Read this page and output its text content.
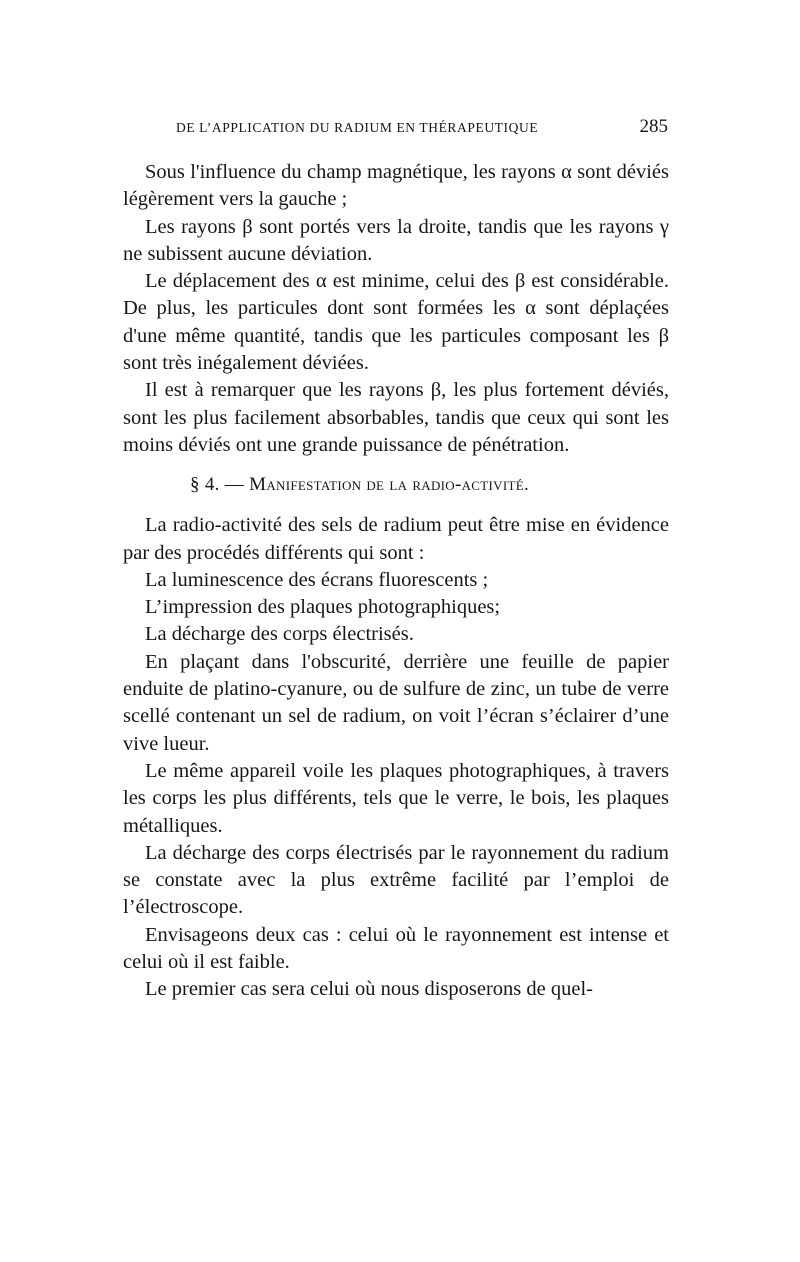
DE L’APPLICATION DU RADIUM EN THÉRAPEUTIQUE	285

Sous l'influence du champ magnétique, les rayons α sont déviés légèrement vers la gauche ;

Les rayons β sont portés vers la droite, tandis que les rayons γ ne subissent aucune déviation.

Le déplacement des α est minime, celui des β est considérable. De plus, les particules dont sont formées les α sont déplaçées d'une même quantité, tandis que les particules composant les β sont très inégalement déviées.

Il est à remarquer que les rayons β, les plus fortement déviés, sont les plus facilement absorbables, tandis que ceux qui sont les moins déviés ont une grande puissance de pénétration.

§ 4. — Manifestation de la radio-activité.

La radio-activité des sels de radium peut être mise en évidence par des procédés différents qui sont :

La luminescence des écrans fluorescents ;

L’impression des plaques photographiques;

La décharge des corps électrisés.

En plaçant dans l'obscurité, derrière une feuille de papier enduite de platino-cyanure, ou de sulfure de zinc, un tube de verre scellé contenant un sel de radium, on voit l’écran s’éclairer d’une vive lueur.

Le même appareil voile les plaques photographiques, à travers les corps les plus différents, tels que le verre, le bois, les plaques métalliques.

La décharge des corps électrisés par le rayonnement du radium se constate avec la plus extrême facilité par l’emploi de l’électroscope.

Envisageons deux cas : celui où le rayonnement est intense et celui où il est faible.

Le premier cas sera celui où nous disposerons de quel-
